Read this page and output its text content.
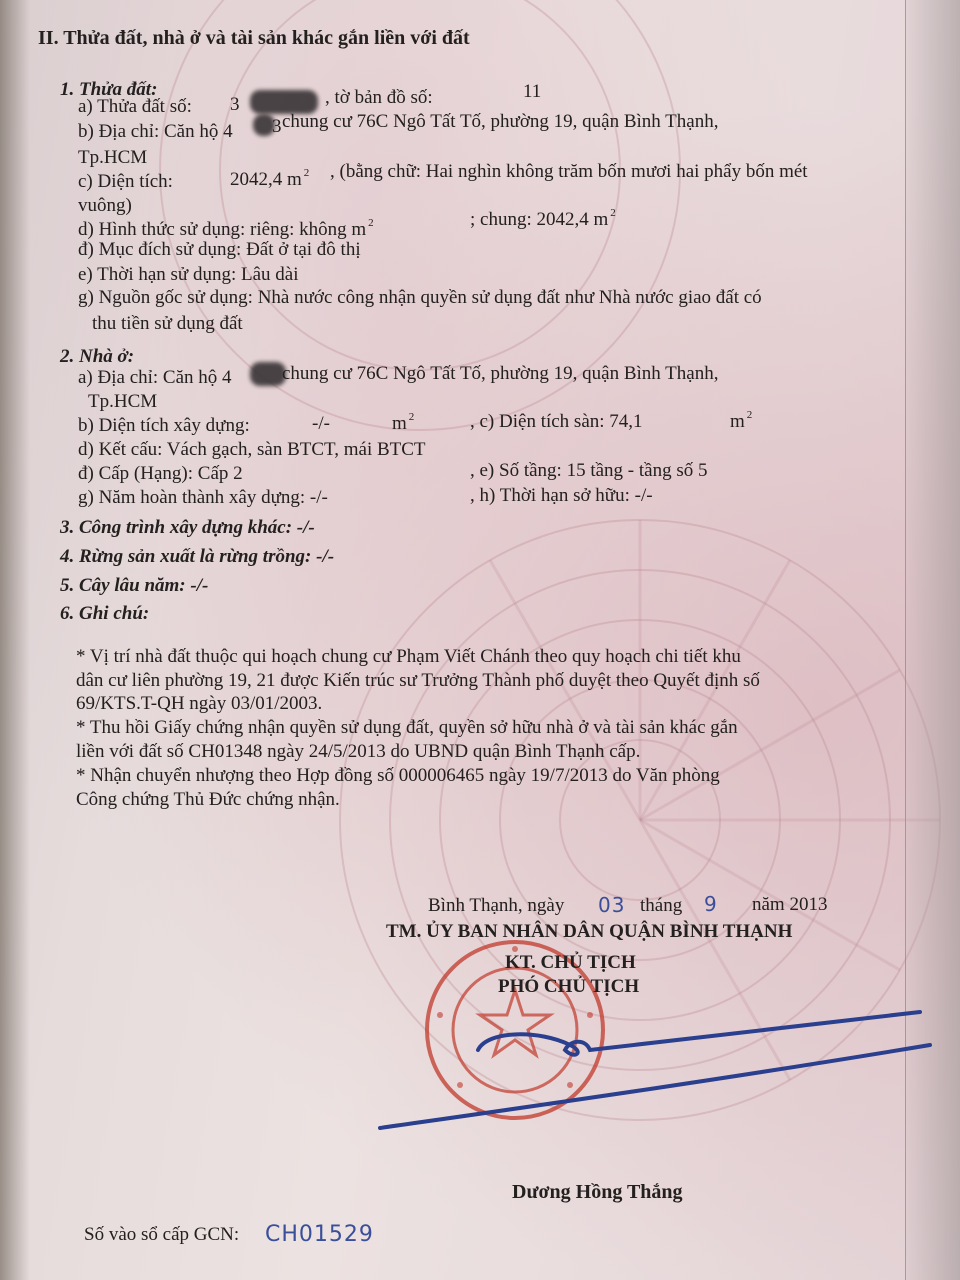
II. Thửa đất, nhà ở và tài sản khác gắn liền với đất
1. Thửa đất:
a) Thửa đất số: 3	, tờ bản đồ số:	11
b) Địa chỉ: Căn hộ 4 3 chung cư 76C Ngô Tất Tố, phường 19, quận Bình Thạnh,
Tp.HCM
c) Diện tích:	2042,4 m $^2$ , (bằng chữ: Hai nghìn không trăm bốn mươi hai phẩy bốn mét
vuông)
d) Hình thức sử dụng: riêng: không m $^2$	; chung: 2042,4 m $^2$
đ) Mục đích sử dụng: Đất ở tại đô thị
e) Thời hạn sử dụng: Lâu dài
g) Nguồn gốc sử dụng: Nhà nước công nhận quyền sử dụng đất như Nhà nước giao đất có
thu tiền sử dụng đất
2. Nhà ở:
a) Địa chỉ: Căn hộ 4	chung cư 76C Ngô Tất Tố, phường 19, quận Bình Thạnh,
Tp.HCM
b) Diện tích xây dựng:	-/-	m $^2$	, c) Diện tích sàn: 74,1	m $^2$
d) Kết cấu: Vách gạch, sàn BTCT, mái BTCT
đ) Cấp (Hạng): Cấp 2	, e) Số tầng: 15 tầng - tầng số 5
g) Năm hoàn thành xây dựng: -/-	, h) Thời hạn sở hữu: -/-
3. Công trình xây dựng khác: -/-
4. Rừng sản xuất là rừng trồng: -/-
5. Cây lâu năm: -/-
6. Ghi chú:
* Vị trí nhà đất thuộc qui hoạch chung cư Phạm Viết Chánh theo quy hoạch chi tiết khu
dân cư liên phường 19, 21 được Kiến trúc sư Trưởng Thành phố duyệt theo Quyết định số
69/KTS.T-QH ngày 03/01/2003.
* Thu hồi Giấy chứng nhận quyền sử dụng đất, quyền sở hữu nhà ở và tài sản khác gắn
liền với đất số CH01348 ngày 24/5/2013 do UBND quận Bình Thạnh cấp.
* Nhận chuyển nhượng theo Hợp đồng số 000006465 ngày 19/7/2013 do Văn phòng
Công chứng Thủ Đức chứng nhận.
Bình Thạnh, ngày 03 tháng 9 năm 2013
TM. ỦY BAN NHÂN DÂN QUẬN BÌNH THẠNH
KT. CHỦ TỊCH
PHÓ CHỦ TỊCH
Dương Hồng Thắng
Số vào sổ cấp GCN: CH01529
